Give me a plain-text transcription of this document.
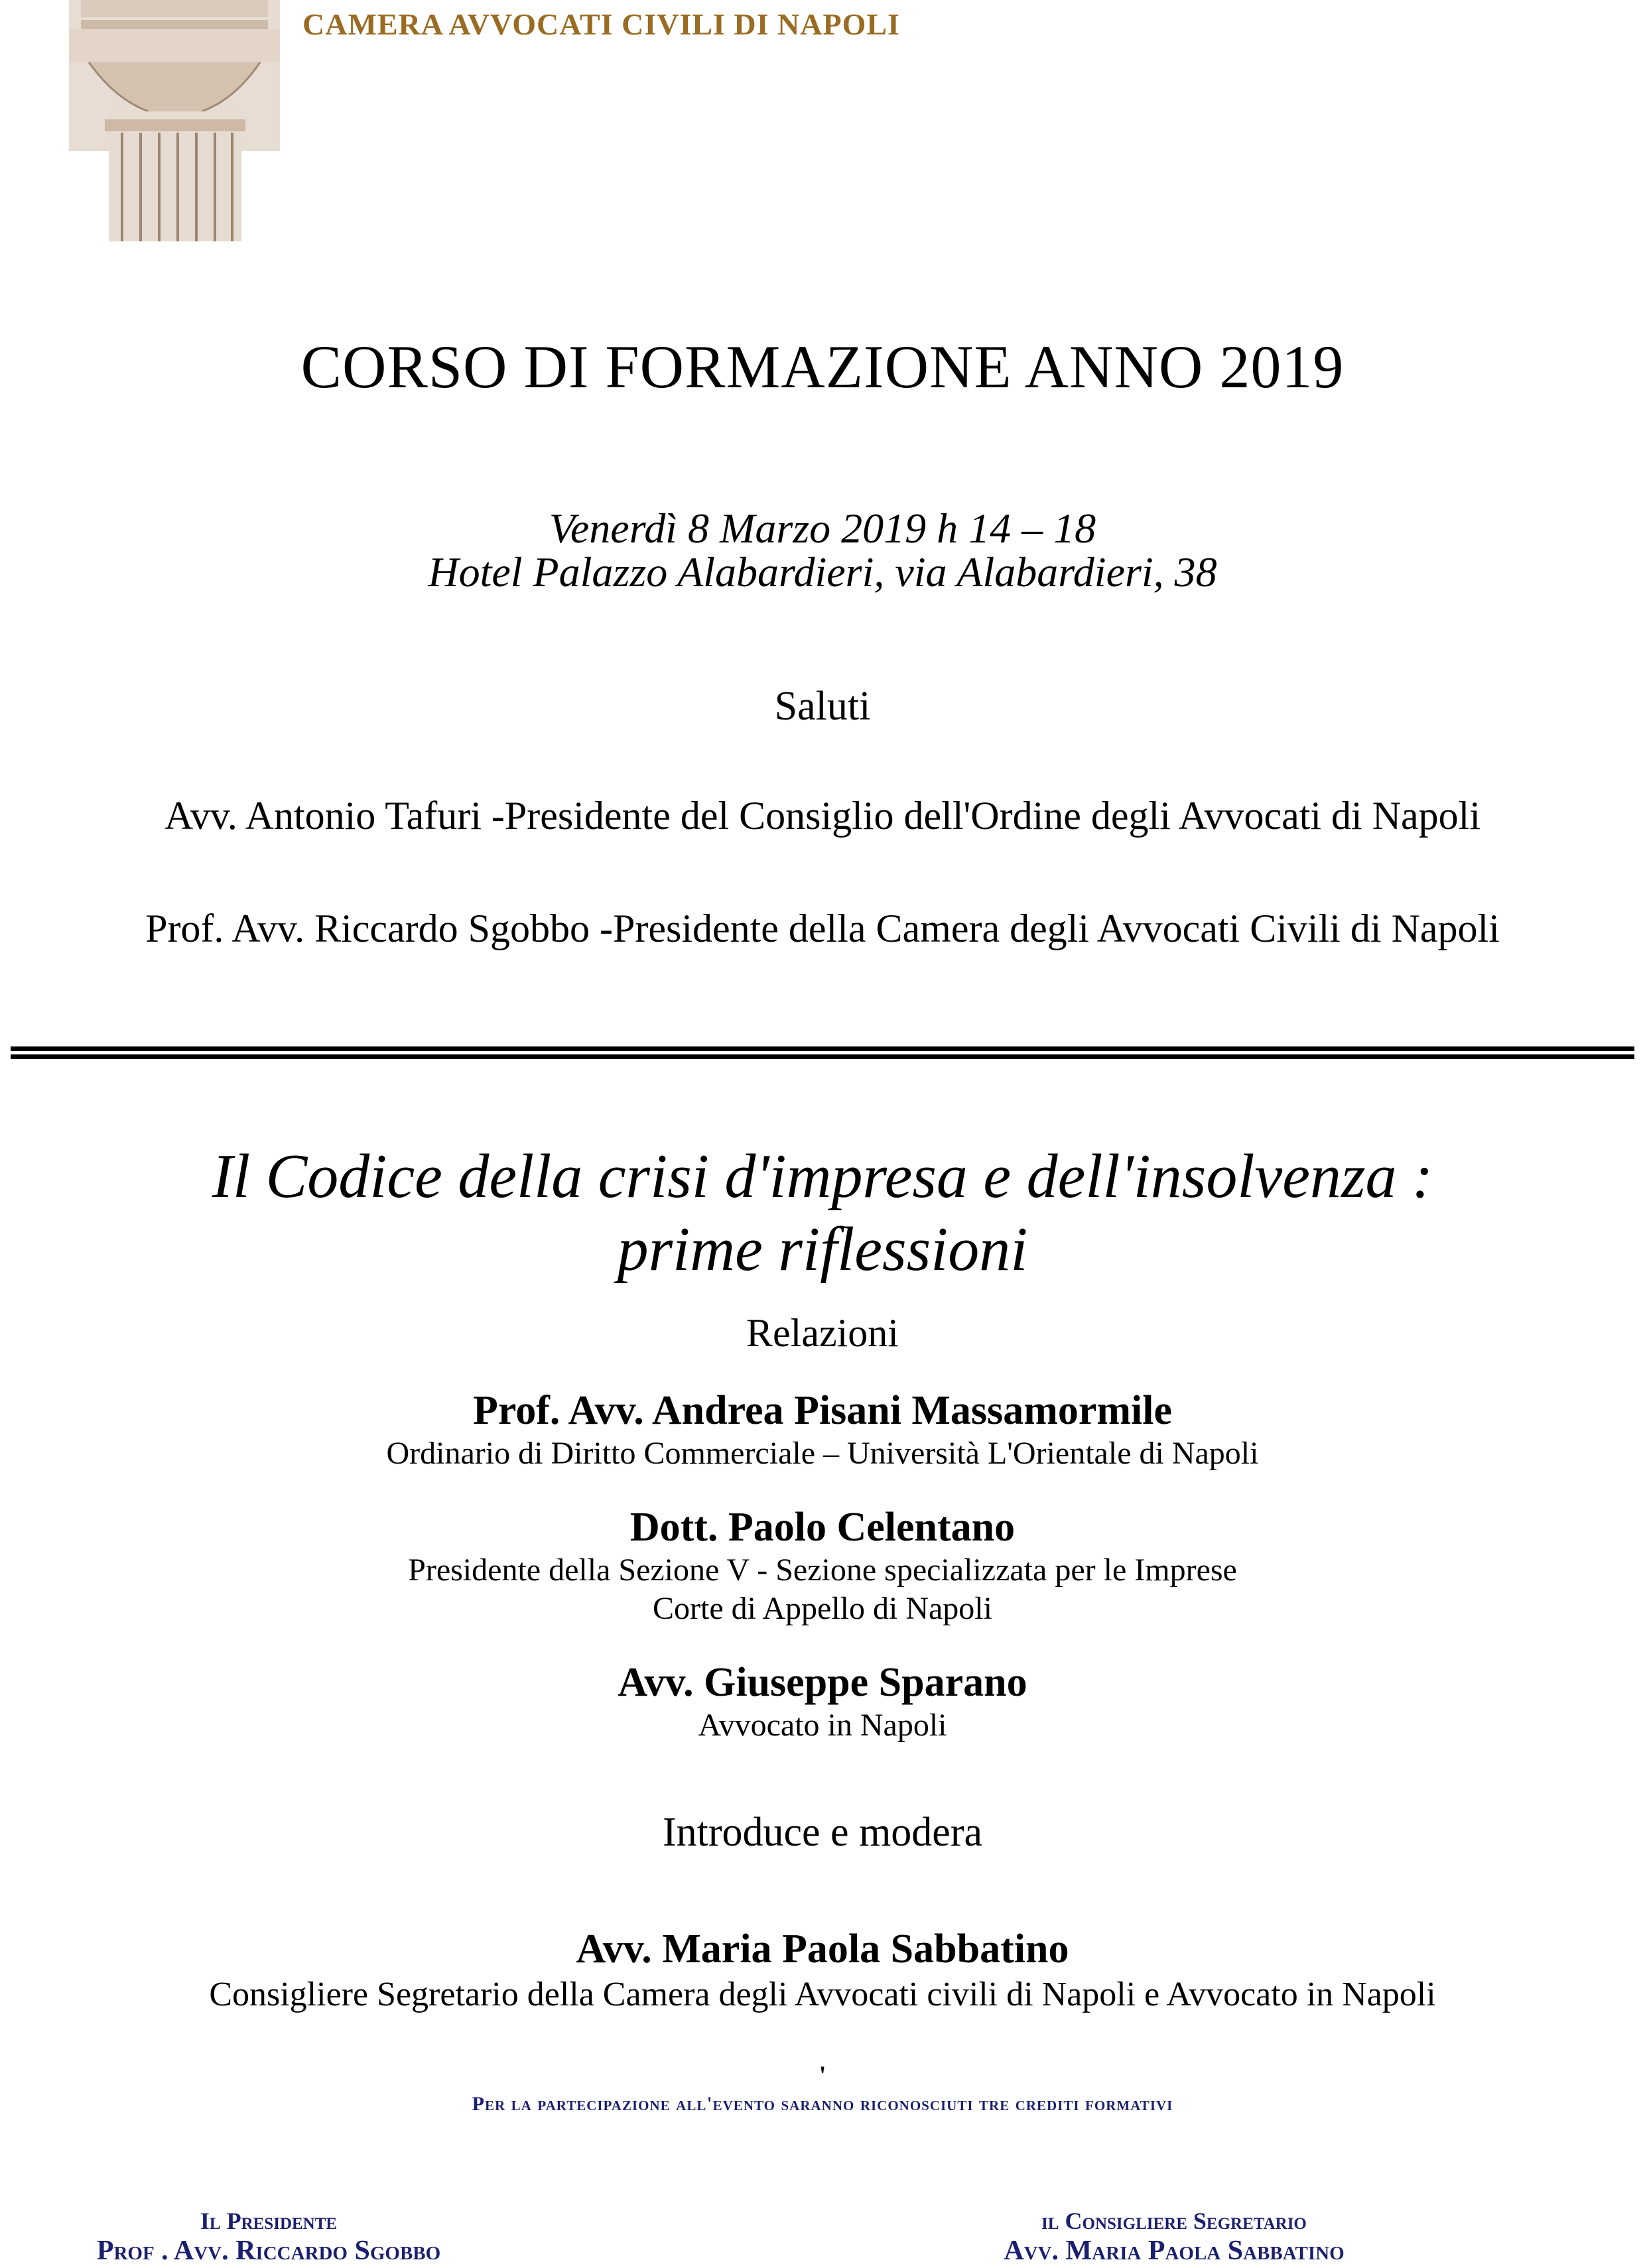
CAMERA AVVOCATI CIVILI DI NAPOLI
CORSO DI FORMAZIONE ANNO 2019
Venerdì 8 Marzo 2019 h 14 – 18
Hotel Palazzo Alabardieri, via Alabardieri, 38
Saluti
Avv. Antonio Tafuri -Presidente del Consiglio dell'Ordine degli Avvocati di Napoli
Prof. Avv. Riccardo Sgobbo -Presidente della Camera degli Avvocati Civili di Napoli
Il Codice della crisi d'impresa e dell'insolvenza :
prime riflessioni
Relazioni
Prof. Avv. Andrea Pisani Massamormile
Ordinario di Diritto Commerciale – Università L'Orientale di Napoli
Dott. Paolo Celentano
Presidente della Sezione V - Sezione specializzata per le Imprese
Corte di Appello di Napoli
Avv. Giuseppe Sparano
Avvocato in Napoli
Introduce e modera
Avv. Maria Paola Sabbatino
Consigliere Segretario della Camera degli Avvocati civili di Napoli e Avvocato in Napoli
'
Per la partecipazione all'evento saranno riconosciuti tre crediti formativi
Il Presidente
Prof . Avv. Riccardo Sgobbo
il Consigliere Segretario
Avv. Maria Paola Sabbatino
